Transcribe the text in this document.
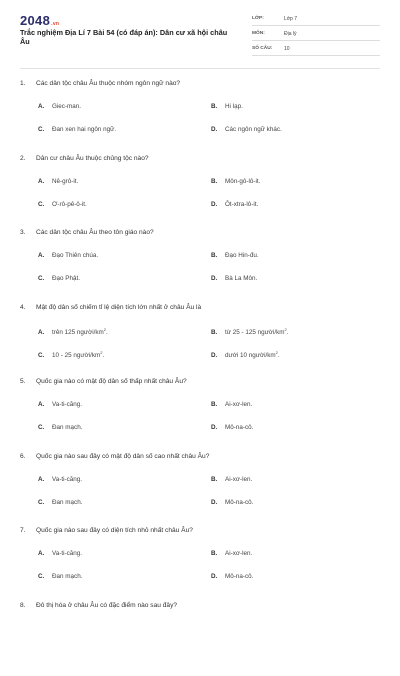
2048.vn
Trắc nghiệm Địa Lí 7 Bài 54 (có đáp án): Dân cư xã hội châu Âu
LỚP:	Lớp 7
MÔN:	Địa lý
SỐ CÂU: 10
1. Các dân tộc châu Âu thuộc nhóm ngôn ngữ nào?
A. Giec-man.	B. Hi lạp.
C. Đan xen hai ngôn ngữ.	D. Các ngôn ngữ khác.
2. Dân cư châu Âu thuộc chủng tộc nào?
A. Nê-grô-it.	B. Môn-gô-lô-it.
C. Ơ-rô-pê-ô-it.	D. Ôt-xtra-lô-it.
3. Các dân tộc châu Âu theo tôn giáo nào?
A. Đạo Thiên chúa.	B. Đạo Hin-đu.
C. Đạo Phật.	D. Bà La Môn.
4. Mật độ dân số chiếm tỉ lệ diện tích lớn nhất ở châu Âu là
A. trên 125 người/$km^2$.	B. từ 25 - 125 người/$km^2$.
C. 10 - 25 người/$km^2$.	D. dưới 10 người/$km^2$.
5. Quốc gia nào có mật độ dân số thấp nhất châu Âu?
A. Va-ti-căng.	B. Ai-xơ-len.
C. Đan mạch.	D. Mô-na-cô.
6. Quốc gia nào sau đây có mật độ dân số cao nhất châu Âu?
A. Va-ti-căng.	B. Ai-xơ-len.
C. Đan mạch.	D. Mô-na-cô.
7. Quốc gia nào sau đây có diện tích nhỏ nhất châu Âu?
A. Va-ti-căng.	B. Ai-xơ-len.
C. Đan mạch.	D. Mô-na-cô.
8. Đô thị hóa ở châu Âu có đặc điểm nào sau đây?
